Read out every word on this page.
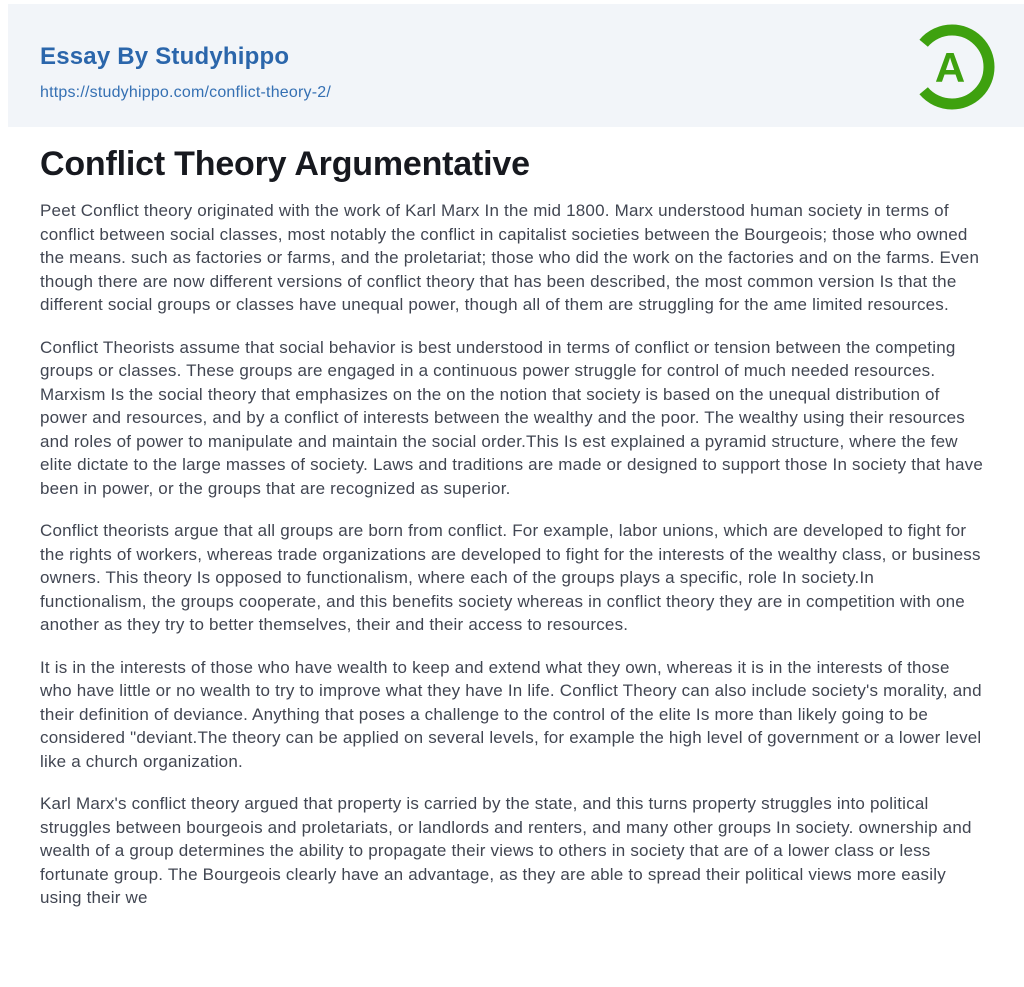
Essay By Studyhippo
https://studyhippo.com/conflict-theory-2/
A
Conflict Theory Argumentative

Peet Conflict theory originated with the work of Karl Marx In the mid 1800. Marx understood human society in terms of conflict between social classes, most notably the conflict in capitalist societies between the Bourgeois; those who owned the means. such as factories or farms, and the proletariat; those who did the work on the factories and on the farms. Even though there are now different versions of conflict theory that has been described, the most common version Is that the different social groups or classes have unequal power, though all of them are struggling for the ame limited resources.

Conflict Theorists assume that social behavior is best understood in terms of conflict or tension between the competing groups or classes. These groups are engaged in a continuous power struggle for control of much needed resources. Marxism Is the social theory that emphasizes on the on the notion that society is based on the unequal distribution of power and resources, and by a conflict of interests between the wealthy and the poor. The wealthy using their resources and roles of power to manipulate and maintain the social order.This Is est explained a pyramid structure, where the few elite dictate to the large masses of society. Laws and traditions are made or designed to support those In society that have been in power, or the groups that are recognized as superior.

Conflict theorists argue that all groups are born from conflict. For example, labor unions, which are developed to fight for the rights of workers, whereas trade organizations are developed to fight for the interests of the wealthy class, or business owners. This theory Is opposed to functionalism, where each of the groups plays a specific, role In society.In functionalism, the groups cooperate, and this benefits society whereas in conflict theory they are in competition with one another as they try to better themselves, their and their access to resources.

It is in the interests of those who have wealth to keep and extend what they own, whereas it is in the interests of those who have little or no wealth to try to improve what they have In life. Conflict Theory can also include society's morality, and their definition of deviance. Anything that poses a challenge to the control of the elite Is more than likely going to be considered "deviant.The theory can be applied on several levels, for example the high level of government or a lower level like a church organization.

Karl Marx's conflict theory argued that property is carried by the state, and this turns property struggles into political struggles between bourgeois and proletariats, or landlords and renters, and many other groups In society. ownership and wealth of a group determines the ability to propagate their views to others in society that are of a lower class or less fortunate group. The Bourgeois clearly have an advantage, as they are able to spread their political views more easily using their we
